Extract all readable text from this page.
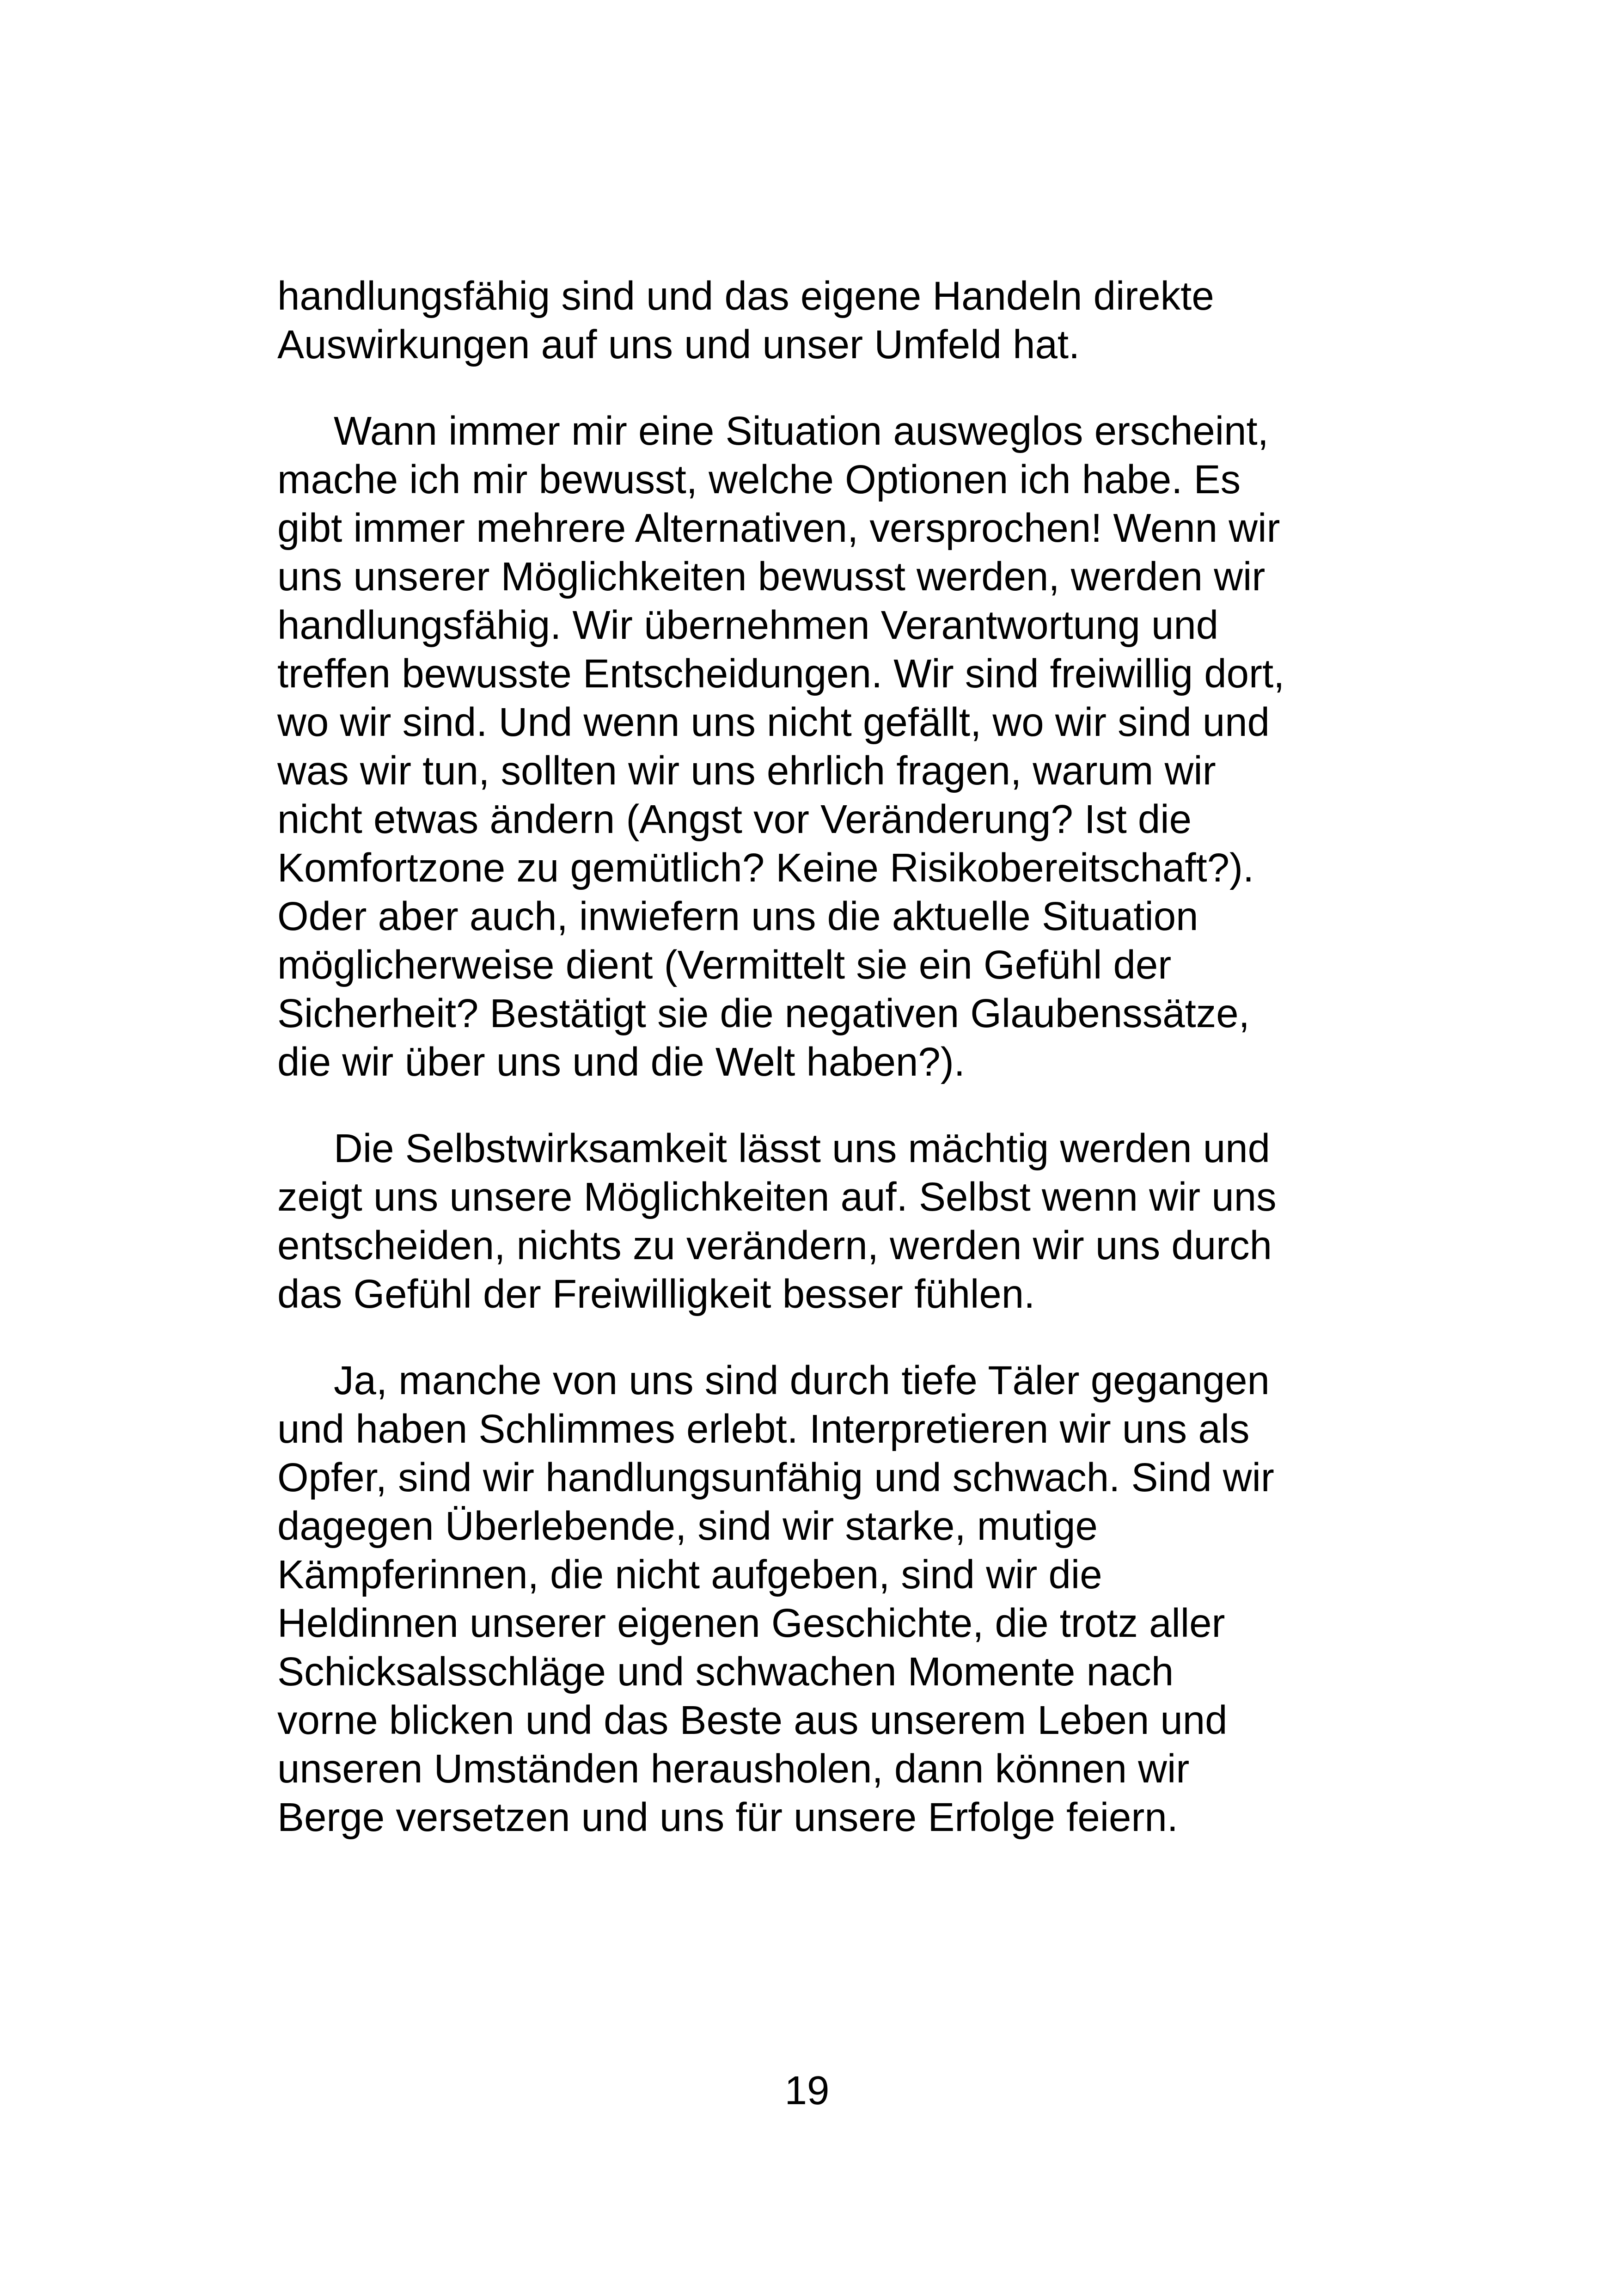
handlungsfähig sind und das eigene Handeln direkte
Auswirkungen auf uns und unser Umfeld hat.

Wann immer mir eine Situation ausweglos erscheint,
mache ich mir bewusst, welche Optionen ich habe. Es
gibt immer mehrere Alternativen, versprochen! Wenn wir
uns unserer Möglichkeiten bewusst werden, werden wir
handlungsfähig. Wir übernehmen Verantwortung und
treffen bewusste Entscheidungen. Wir sind freiwillig dort,
wo wir sind. Und wenn uns nicht gefällt, wo wir sind und
was wir tun, sollten wir uns ehrlich fragen, warum wir
nicht etwas ändern (Angst vor Veränderung? Ist die
Komfortzone zu gemütlich? Keine Risikobereitschaft?).
Oder aber auch, inwiefern uns die aktuelle Situation
möglicherweise dient (Vermittelt sie ein Gefühl der
Sicherheit? Bestätigt sie die negativen Glaubenssätze,
die wir über uns und die Welt haben?).

Die Selbstwirksamkeit lässt uns mächtig werden und
zeigt uns unsere Möglichkeiten auf. Selbst wenn wir uns
entscheiden, nichts zu verändern, werden wir uns durch
das Gefühl der Freiwilligkeit besser fühlen.

Ja, manche von uns sind durch tiefe Täler gegangen
und haben Schlimmes erlebt. Interpretieren wir uns als
Opfer, sind wir handlungsunfähig und schwach. Sind wir
dagegen Überlebende, sind wir starke, mutige
Kämpferinnen, die nicht aufgeben, sind wir die
Heldinnen unserer eigenen Geschichte, die trotz aller
Schicksalsschläge und schwachen Momente nach
vorne blicken und das Beste aus unserem Leben und
unseren Umständen herausholen, dann können wir
Berge versetzen und uns für unsere Erfolge feiern.

19
